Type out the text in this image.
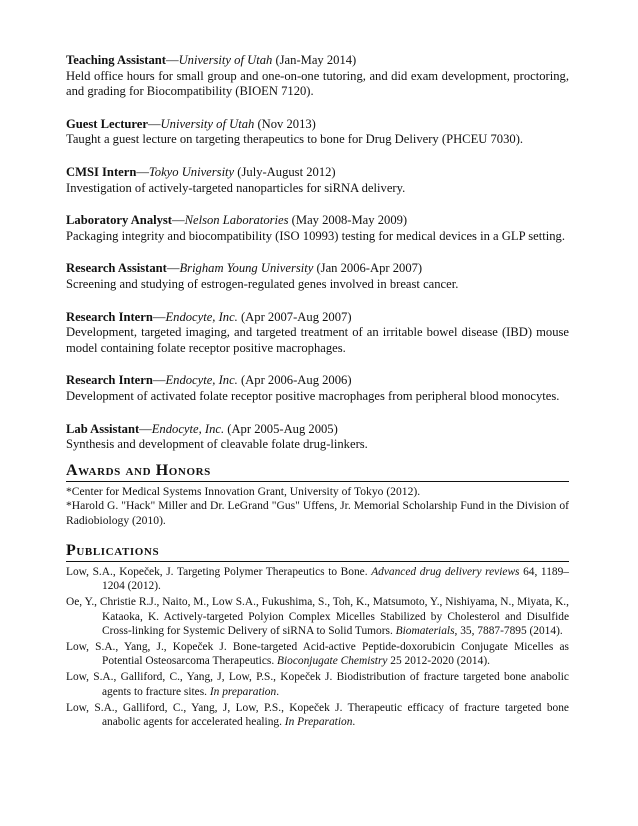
Teaching Assistant—University of Utah (Jan-May 2014)
Held office hours for small group and one-on-one tutoring, and did exam development, proctoring, and grading for Biocompatibility (BIOEN 7120).
Guest Lecturer—University of Utah (Nov 2013)
Taught a guest lecture on targeting therapeutics to bone for Drug Delivery (PHCEU 7030).
CMSI Intern—Tokyo University (July-August 2012)
Investigation of actively-targeted nanoparticles for siRNA delivery.
Laboratory Analyst—Nelson Laboratories (May 2008-May 2009)
Packaging integrity and biocompatibility (ISO 10993) testing for medical devices in a GLP setting.
Research Assistant—Brigham Young University (Jan 2006-Apr 2007)
Screening and studying of estrogen-regulated genes involved in breast cancer.
Research Intern—Endocyte, Inc. (Apr 2007-Aug 2007)
Development, targeted imaging, and targeted treatment of an irritable bowel disease (IBD) mouse model containing folate receptor positive macrophages.
Research Intern—Endocyte, Inc. (Apr 2006-Aug 2006)
Development of activated folate receptor positive macrophages from peripheral blood monocytes.
Lab Assistant—Endocyte, Inc. (Apr 2005-Aug 2005)
Synthesis and development of cleavable folate drug-linkers.
Awards and Honors

*Center for Medical Systems Innovation Grant, University of Tokyo (2012).

*Harold G. "Hack" Miller and Dr. LeGrand "Gus" Uffens, Jr. Memorial Scholarship Fund in the Division of Radiobiology (2010).

Publications

Low, S.A., Kopeček, J. Targeting Polymer Therapeutics to Bone. Advanced drug delivery reviews 64, 1189–1204 (2012).

Oe, Y., Christie R.J., Naito, M., Low S.A., Fukushima, S., Toh, K., Matsumoto, Y., Nishiyama, N., Miyata, K., Kataoka, K. Actively-targeted Polyion Complex Micelles Stabilized by Cholesterol and Disulfide Cross-linking for Systemic Delivery of siRNA to Solid Tumors. Biomaterials, 35, 7887-7895 (2014).

Low, S.A., Yang, J., Kopeček J. Bone-targeted Acid-active Peptide-doxorubicin Conjugate Micelles as Potential Osteosarcoma Therapeutics. Bioconjugate Chemistry 25 2012-2020 (2014).

Low, S.A., Galliford, C., Yang, J, Low, P.S., Kopeček J. Biodistribution of fracture targeted bone anabolic agents to fracture sites. In preparation.

Low, S.A., Galliford, C., Yang, J, Low, P.S., Kopeček J. Therapeutic efficacy of fracture targeted bone anabolic agents for accelerated healing. In Preparation.
